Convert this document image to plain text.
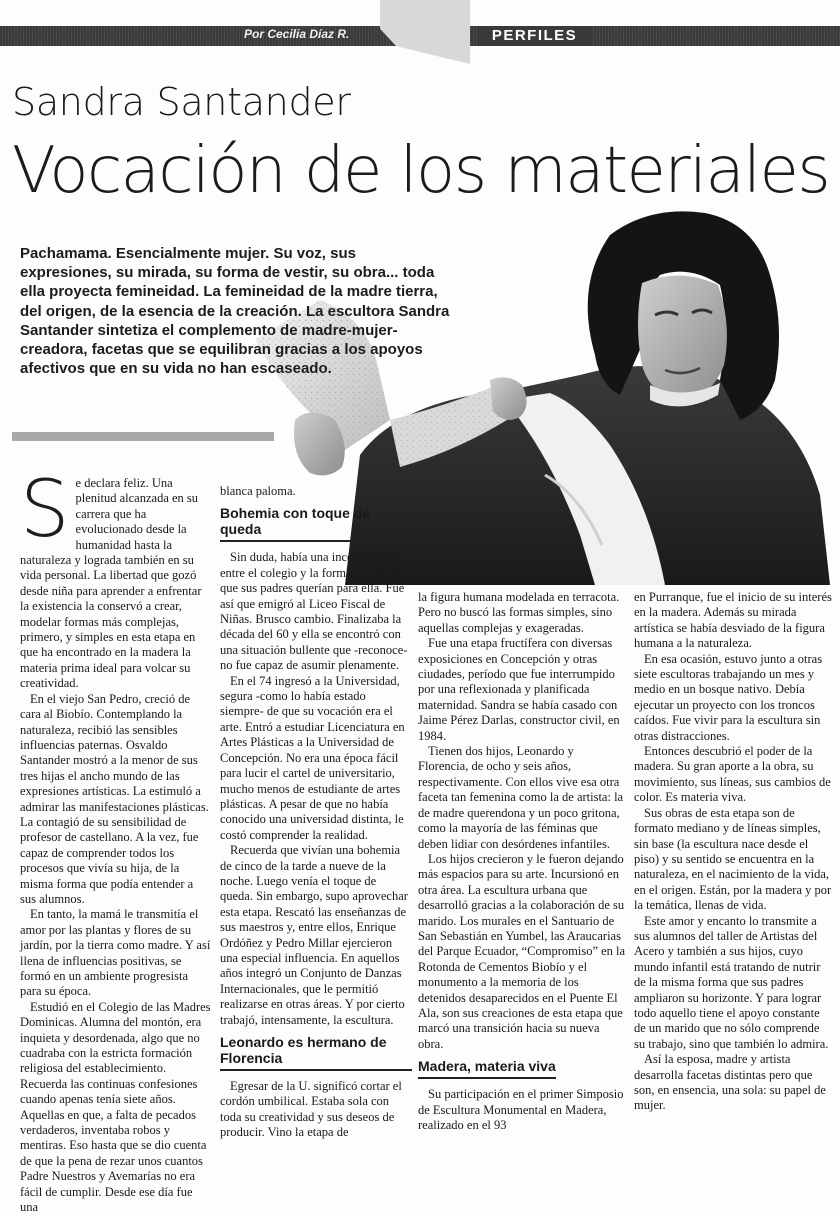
Por Cecilia Díaz R.	PERFILES
Sandra Santander
Vocación de los materiales
Pachamama. Esencialmente mujer. Su voz, sus expresiones, su mirada, su forma de vestir, su obra... toda ella proyecta femineidad. La femineidad de la madre tierra, del origen, de la esencia de la creación. La escultora Sandra Santander sintetiza el complemento de madre-mujer-creadora, facetas que se equilibran gracias a los apoyos afectivos que en su vida no han escaseado.
S e declara feliz. Una plenitud alcanzada en su carrera que ha evolucionado desde la humanidad hasta la naturaleza y lograda también en su vida personal. La libertad que gozó desde niña para aprender a enfrentar la existencia la conservó a crear, modelar formas más complejas, primero, y simples en esta etapa en que ha encontrado en la madera la materia prima ideal para volcar su creatividad.

En el viejo San Pedro, creció de cara al Biobío. Contemplando la naturaleza, recibió las sensibles influencias paternas. Osvaldo Santander mostró a la menor de sus tres hijas el ancho mundo de las expresiones artísticas. La estimuló a admirar las manifestaciones plásticas. La contagió de su sensibilidad de profesor de castellano. A la vez, fue capaz de comprender todos los procesos que vivía su hija, de la misma forma que podía entender a sus alumnos.

En tanto, la mamá le transmitía el amor por las plantas y flores de su jardín, por la tierra como madre. Y así llena de influencias positivas, se formó en un ambiente progresista para su época.

Estudió en el Colegio de las Madres Dominicas. Alumna del montón, era inquieta y desordenada, algo que no cuadraba con la estricta formación religiosa del establecimiento. Recuerda las continuas confesiones cuando apenas tenía siete años. Aquellas en que, a falta de pecados verdaderos, inventaba robos y mentiras. Eso hasta que se dio cuenta de que la pena de rezar unos cuantos Padre Nuestros y Avemarías no era fácil de cumplir. Desde ese día fue una

blanca paloma.

Bohemia con toque de queda

Sin duda, había una incongruencia entre el colegio y la formación amplia que sus padres querían para ella. Fue así que emigró al Liceo Fiscal de Niñas. Brusco cambio. Finalizaba la década del 60 y ella se encontró con una situación bullente que -reconoce- no fue capaz de asumir plenamente.

En el 74 ingresó a la Universidad, segura -como lo había estado siempre- de que su vocación era el arte. Entró a estudiar Licenciatura en Artes Plásticas a la Universidad de Concepción. No era una época fácil para lucir el cartel de universitario, mucho menos de estudiante de artes plásticas. A pesar de que no había conocido una universidad distinta, le costó comprender la realidad.

Recuerda que vivían una bohemia de cinco de la tarde a nueve de la noche. Luego venía el toque de queda. Sin embargo, supo aprovechar esta etapa. Rescató las enseñanzas de sus maestros y, entre ellos, Enrique Ordóñez y Pedro Millar ejercieron una especial influencia. En aquellos años integró un Conjunto de Danzas Internacionales, que le permitió realizarse en otras áreas. Y por cierto trabajó, intensamente, la escultura.

Leonardo es hermano de Florencia

Egresar de la U. significó cortar el cordón umbilical. Estaba sola con toda su creatividad y sus deseos de producir. Vino la etapa de

la figura humana modelada en terracota. Pero no buscó las formas simples, sino aquellas complejas y exageradas.

Fue una etapa fructífera con diversas exposiciones en Concepción y otras ciudades, período que fue interrumpido por una reflexionada y planificada maternidad. Sandra se había casado con Jaime Pérez Darlas, constructor civil, en 1984.

Tienen dos hijos, Leonardo y Florencia, de ocho y seis años, respectivamente. Con ellos vive esa otra faceta tan femenina como la de artista: la de madre querendona y un poco gritona, como la mayoría de las féminas que deben lidiar con desórdenes infantiles.

Los hijos crecieron y le fueron dejando más espacios para su arte. Incursionó en otra área. La escultura urbana que desarrolló gracias a la colaboración de su marido. Los murales en el Santuario de San Sebastián en Yumbel, las Araucarias del Parque Ecuador, “Compromiso” en la Rotonda de Cementos Biobío y el monumento a la memoria de los detenidos desaparecidos en el Puente El Ala, son sus creaciones de esta etapa que marcó una transición hacia su nueva obra.

Madera, materia viva

Su participación en el primer Simposio de Escultura Monumental en Madera, realizado en el 93

en Purranque, fue el inicio de su interés en la madera. Además su mirada artística se había desviado de la figura humana a la naturaleza.

En esa ocasión, estuvo junto a otras siete escultoras trabajando un mes y medio en un bosque nativo. Debía ejecutar un proyecto con los troncos caídos. Fue vivir para la escultura sin otras distracciones.

Entonces descubrió el poder de la madera. Su gran aporte a la obra, su movimiento, sus líneas, sus cambios de color. Es materia viva.

Sus obras de esta etapa son de formato mediano y de líneas simples, sin base (la escultura nace desde el piso) y su sentido se encuentra en la naturaleza, en el nacimiento de la vida, en el origen. Están, por la madera y por la temática, llenas de vida.

Este amor y encanto lo transmite a sus alumnos del taller de Artistas del Acero y también a sus hijos, cuyo mundo infantil está tratando de nutrir de la misma forma que sus padres ampliaron su horizonte. Y para lograr todo aquello tiene el apoyo constante de un marido que no sólo comprende su trabajo, sino que también lo admira.

Así la esposa, madre y artista desarrolla facetas distintas pero que son, en ensencia, una sola: su papel de mujer.
